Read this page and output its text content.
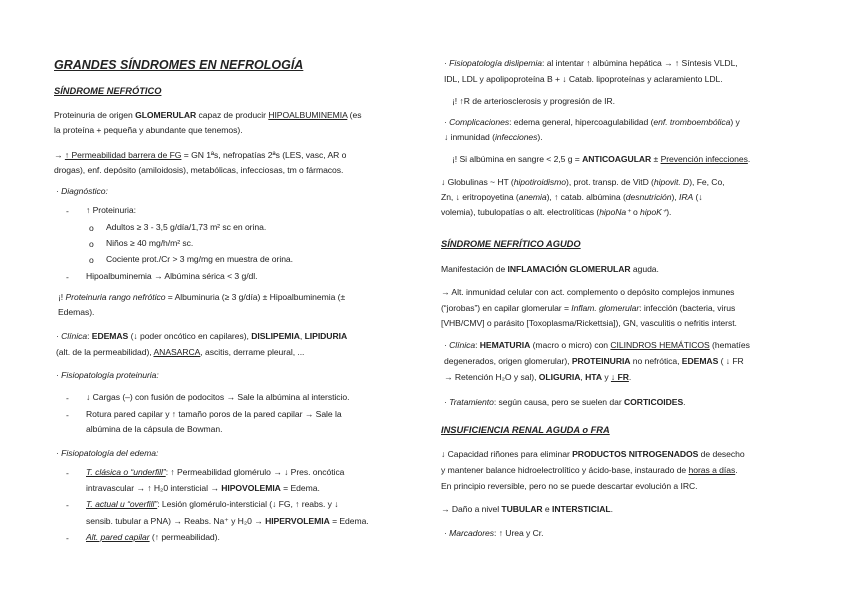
GRANDES SÍNDROMES EN NEFROLOGÍA
SÍNDROME NEFRÓTICO
Proteinuria de origen GLOMERULAR capaz de producir HIPOALBUMINEMIA (es
la proteína + pequeña y abundante que tenemos).
→ ↑ Permeabilidad barrera de FG = GN 1ªs, nefropatías 2ªs (LES, vasc, AR o
drogas), enf. depósito (amiloidosis), metabólicas, infecciosas, tm o fármacos.
· Diagnóstico:
- ↑ Proteinuria:
o Adultos ≥ 3 - 3,5 g/día/1,73 m² sc en orina.
o Niños ≥ 40 mg/h/m² sc.
o Cociente prot./Cr > 3 mg/mg en muestra de orina.
- Hipoalbuminemia → Albúmina sérica < 3 g/dl.
¡! Proteinuria rango nefrótico = Albuminuria (≥ 3 g/día) ± Hipoalbuminemia (±
Edemas).
· Clínica: EDEMAS (↓ poder oncótico en capilares), DISLIPEMIA, LIPIDURIA
(alt. de la permeabilidad), ANASARCA, ascitis, derrame pleural, ...
· Fisiopatología proteinuria:
- ↓ Cargas (–) con fusión de podocitos → Sale la albúmina al intersticio.
- Rotura pared capilar y ↑ tamaño poros de la pared capilar → Sale la
albúmina de la cápsula de Bowman.
· Fisiopatología del edema:
- T. clásica o “underfill”: ↑ Permeabilidad glomérulo → ↓ Pres. oncótica
intravascular → ↑ H₂0 intersticial → HIPOVOLEMIA = Edema.
- T. actual u “overfill”: Lesión glomérulo-intersticial (↓ FG, ↑ reabs. y ↓
sensib. tubular a PNA) → Reabs. Na⁺ y H₂0 → HIPERVOLEMIA = Edema.
- Alt. pared capilar (↑ permeabilidad).
· Fisiopatología dislipemia: al intentar ↑ albúmina hepática → ↑ Síntesis VLDL,
IDL, LDL y apolipoproteína B + ↓ Catab. lipoproteínas y aclaramiento LDL.
¡! ↑R de arteriosclerosis y progresión de IR.
· Complicaciones: edema general, hipercoagulabilidad (enf. tromboembólica) y
↓ inmunidad (infecciones).
¡! Si albúmina en sangre < 2,5 g = ANTICOAGULAR ± Prevención infecciones.
↓ Globulinas ~ HT (hipotiroidismo), prot. transp. de VitD (hipovit. D), Fe, Co,
Zn, ↓ eritropoyetina (anemia), ↑ catab. albúmina (desnutrición), IRA (↓
volemia), tubulopatías o alt. electrolíticas (hipoNa⁺ o hipoK⁺).
SÍNDROME NEFRÍTICO AGUDO
Manifestación de INFLAMACIÓN GLOMERULAR aguda.
→ Alt. inmunidad celular con act. complemento o depósito complejos inmunes
(“jorobas”) en capilar glomerular = Inflam. glomerular: infección (bacteria, virus
[VHB/CMV] o parásito [Toxoplasma/Rickettsia]), GN, vasculitis o nefritis interst.
· Clínica: HEMATURIA (macro o micro) con CILINDROS HEMÁTICOS (hematíes
degenerados, origen glomerular), PROTEINURIA no nefrótica, EDEMAS ( ↓ FR
→ Retención H₂O y sal), OLIGURIA, HTA y ↓ FR.
· Tratamiento: según causa, pero se suelen dar CORTICOIDES.
INSUFICIENCIA RENAL AGUDA o FRA
↓ Capacidad riñones para eliminar PRODUCTOS NITROGENADOS de desecho
y mantener balance hidroelectrolítico y ácido-base, instaurado de horas a días.
En principio reversible, pero no se puede descartar evolución a IRC.
→ Daño a nivel TUBULAR e INTERSTICIAL.
· Marcadores: ↑ Urea y Cr.
